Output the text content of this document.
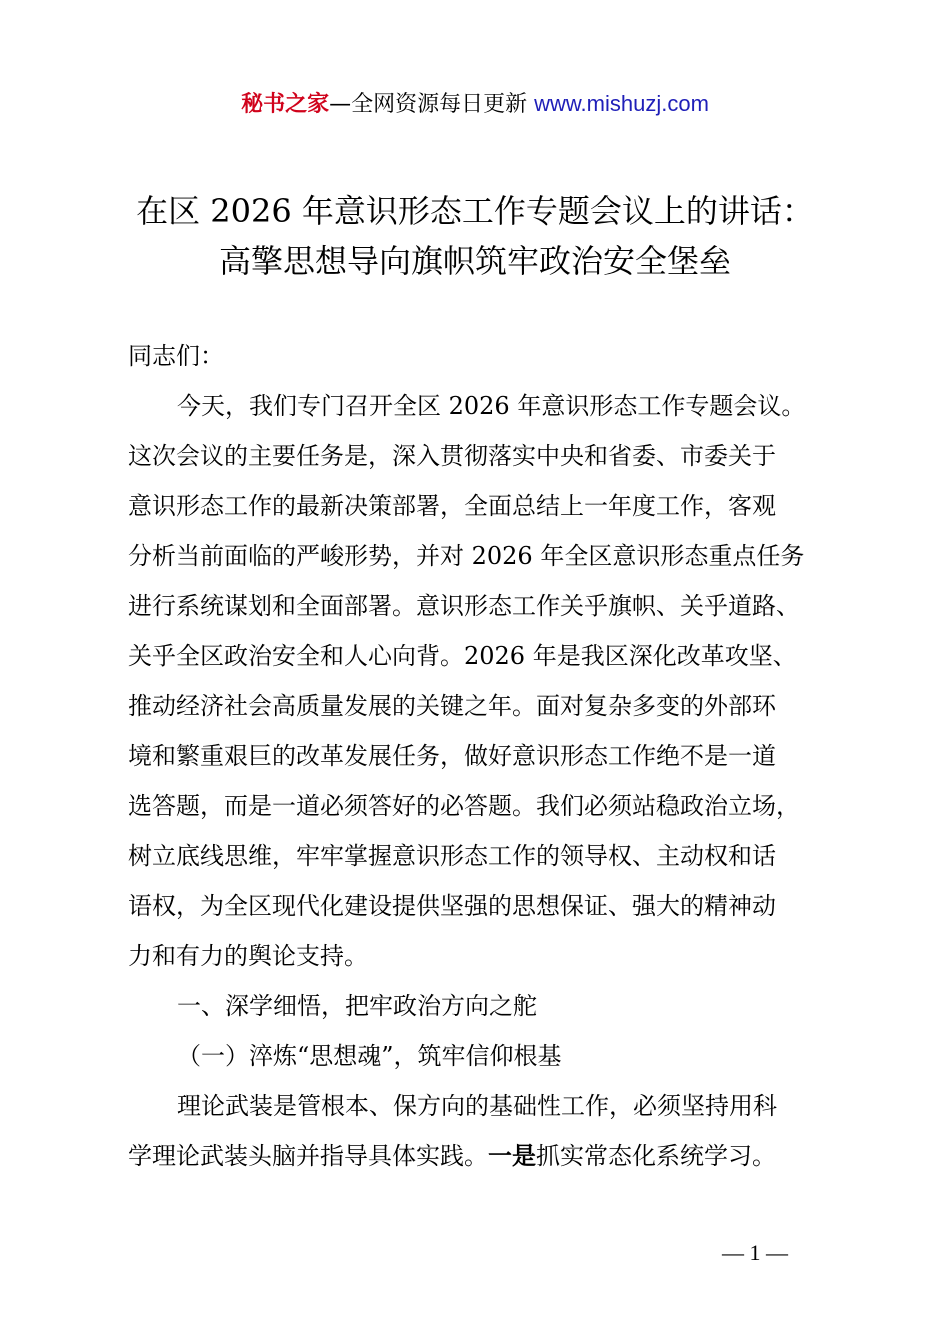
秘书之家—全网资源每日更新 www.mishuzj.com
在区 2026 年意识形态工作专题会议上的讲话：
高擎思想导向旗帜筑牢政治安全堡垒
同志们：
今天，我们专门召开全区 2026 年意识形态工作专题会议。
这次会议的主要任务是，深入贯彻落实中央和省委、市委关于
意识形态工作的最新决策部署，全面总结上一年度工作，客观
分析当前面临的严峻形势，并对 2026 年全区意识形态重点任务
进行系统谋划和全面部署。意识形态工作关乎旗帜、关乎道路、
关乎全区政治安全和人心向背。2026 年是我区深化改革攻坚、
推动经济社会高质量发展的关键之年。面对复杂多变的外部环
境和繁重艰巨的改革发展任务，做好意识形态工作绝不是一道
选答题，而是一道必须答好的必答题。我们必须站稳政治立场，
树立底线思维，牢牢掌握意识形态工作的领导权、主动权和话
语权，为全区现代化建设提供坚强的思想保证、强大的精神动
力和有力的舆论支持。
一、深学细悟，把牢政治方向之舵
（一）淬炼“思想魂”，筑牢信仰根基
理论武装是管根本、保方向的基础性工作，必须坚持用科
学理论武装头脑并指导具体实践。一是抓实常态化系统学习。
— 1 —
